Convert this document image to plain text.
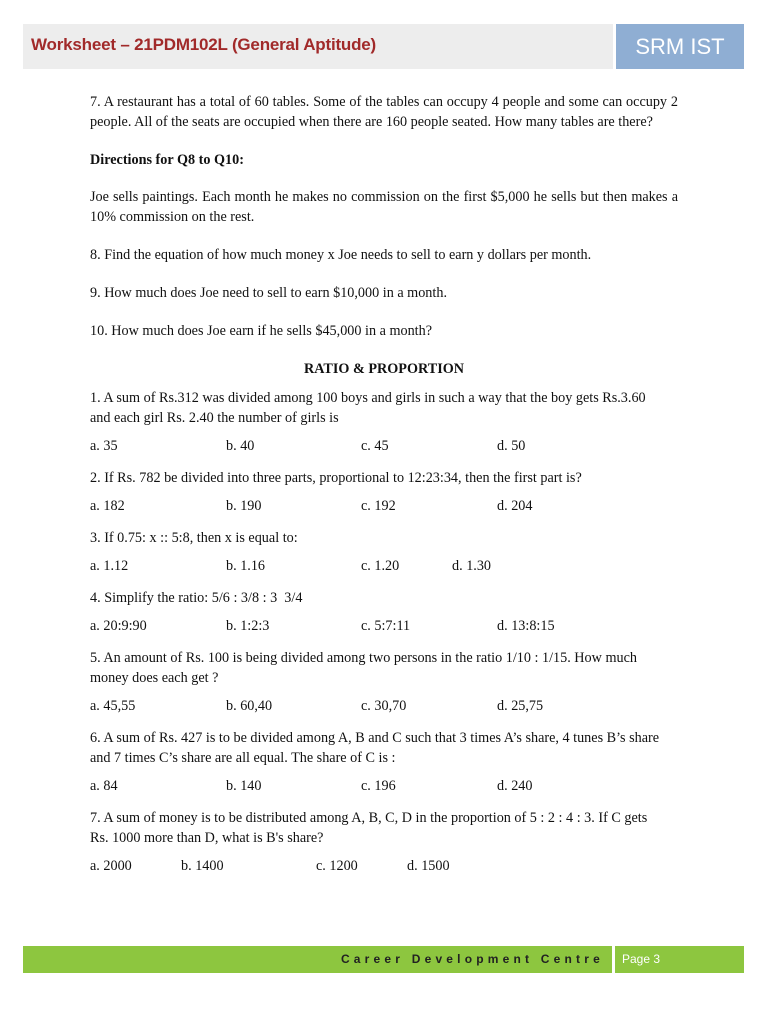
Worksheet – 21PDM102L (General Aptitude)	SRM IST

7. A restaurant has a total of 60 tables. Some of the tables can occupy 4 people and some can occupy 2 people. All of the seats are occupied when there are 160 people seated. How many tables are there?

Directions for Q8 to Q10:

Joe sells paintings. Each month he makes no commission on the first $5,000 he sells but then makes a 10% commission on the rest.

8. Find the equation of how much money x Joe needs to sell to earn y dollars per month.

9. How much does Joe need to sell to earn $10,000 in a month.

10. How much does Joe earn if he sells $45,000 in a month?

RATIO & PROPORTION

1. A sum of Rs.312 was divided among 100 boys and girls in such a way that the boy gets Rs.3.60 and each girl Rs. 2.40 the number of girls is

a. 35	b. 40	c. 45	d. 50

2. If Rs. 782 be divided into three parts, proportional to 12:23:34, then the first part is?

a. 182	b. 190	c. 192	d. 204

3. If 0.75: x :: 5:8, then x is equal to:

a. 1.12	b. 1.16	c. 1.20	d. 1.30

4. Simplify the ratio: 5/6 : 3/8 : 3  3/4

a. 20:9:90	b. 1:2:3	c. 5:7:11	d. 13:8:15

5. An amount of Rs. 100 is being divided among two persons in the ratio 1/10 : 1/15. How much money does each get ?

a. 45,55	b. 60,40	c. 30,70	d. 25,75

6. A sum of Rs. 427 is to be divided among A, B and C such that 3 times A’s share, 4 tunes B’s share and 7 times C’s share are all equal. The share of C is :

a. 84	b. 140	c. 196	d. 240

7. A sum of money is to be distributed among A, B, C, D in the proportion of 5 : 2 : 4 : 3. If C gets Rs. 1000 more than D, what is B's share?

a. 2000	b. 1400	c. 1200	d. 1500
Career Development Centre	Page 3
